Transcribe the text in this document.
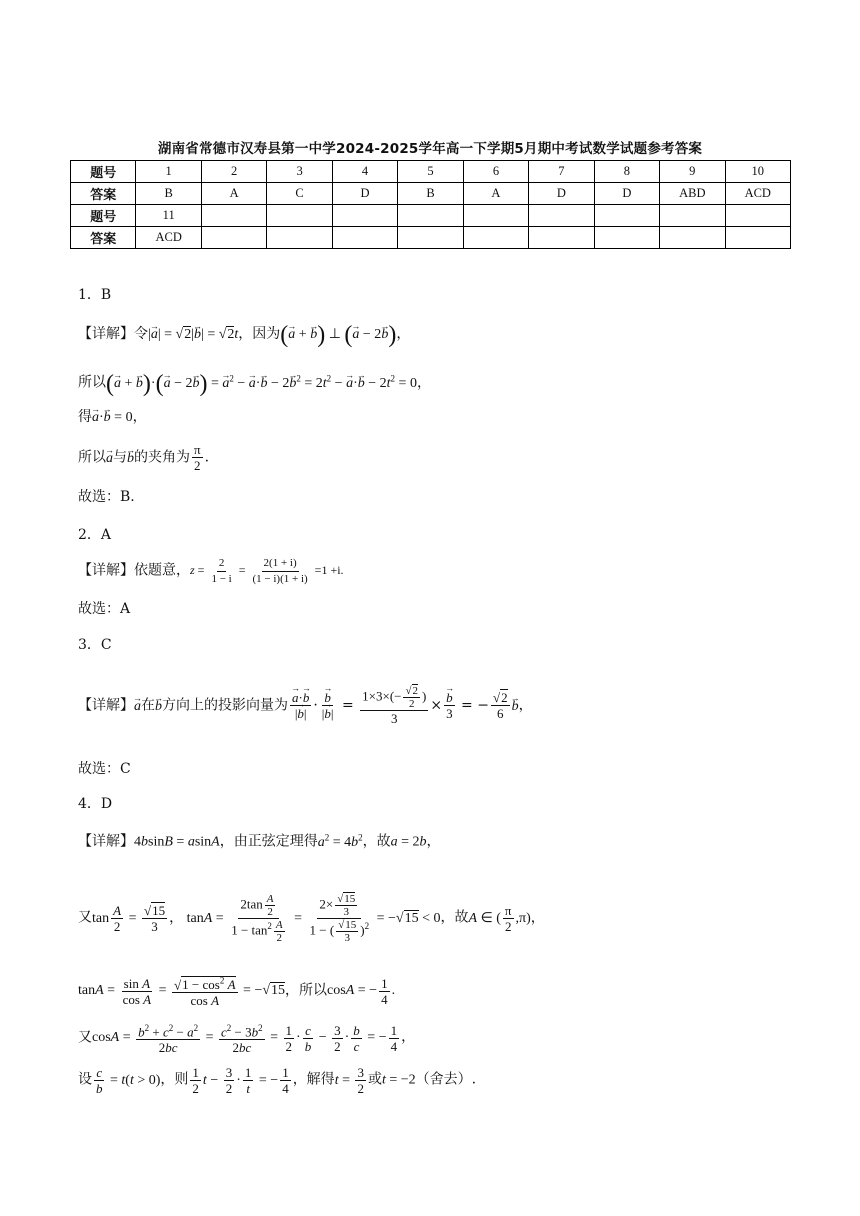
湖南省常德市汉寿县第一中学2024-2025学年高一下学期5月期中考试数学试题参考答案
题号	1	2	3	4	5	6	7	8	9	10
答案	B	A	C	D	B	A	D	D	ABD	ACD
题号	11									
答案	ACD									
1．B
【详解】令|→ a| = √2|→ b| = √2t，因为(→ a + → b) ⊥ (→ a − 2→ b)，
所以(→ a + → b)·(→ a − 2→ b) = → $a^2$ − → $a\cdot\to b - 2\to b^2 = 2t^2$ − → $a\cdot\to b - 2t^2 = 0$，
得→ a·→ b = 0，
所以→ a与→ b的夹角为 $\frac{\pi}{2}$ .
故选：B.
2．A
【详解】依题意，$z = \frac{2}{1 - i} = \frac{2(1 + i)}{(1 - i)(1 + i)} =1 +i$.
故选：A
3．C
【详解】→ a在→ b方向上的投影向量为 → $\frac{a\cdot\to b}{|\to b|}$ · → $\frac{b}{|\to b|} = \frac{1\times 3\times(- \frac{√2}{2} )}{3}$ × → $\frac{b}{3}$ = − $\frac{√2}{6} \to b$，
故选：C
4．D
【详解】4bsinB = asinA，由正弦定理得$a^2 = 4b^2$，故a = 2b，
又$\tan \frac{A}{2} = \frac{√15}{3}$ ， $\tan A = \frac{2\tan \frac{A}{2}}{1 - \tan^2 \frac{A}{2}} = \frac{2\times \frac{√15}{3}}{1 - ( \frac{√15}{3} )^2} = -√15 < 0$，故A ∈ ( $\frac{\pi}{2} ,\pi$)，
$\tan A = \frac{\text{sin A}}{\text{cos A}} = \frac{√1 - \cos^2 A}{\text{cos A}} = -√15$，所以cosA = − $\frac{1}{4}$ .
又$\cos A = \frac{b^2 + c^2 - a^2}{2bc} = \frac{c^2 - 3b^2}{2bc} = \frac{1}{2} \cdot \frac{c}{b} - \frac{3}{2} \cdot \frac{b}{c}$ = − $\frac{1}{4}$ ，
设 $\frac{c}{b} = t(t > 0)$，则 $\frac{1}{2}$ $t - \frac{3}{2} \cdot \frac{1}{t}$ = − $\frac{1}{4}$ ，解得$t = \frac{3}{2}$ 或t = −2（舍去）.
